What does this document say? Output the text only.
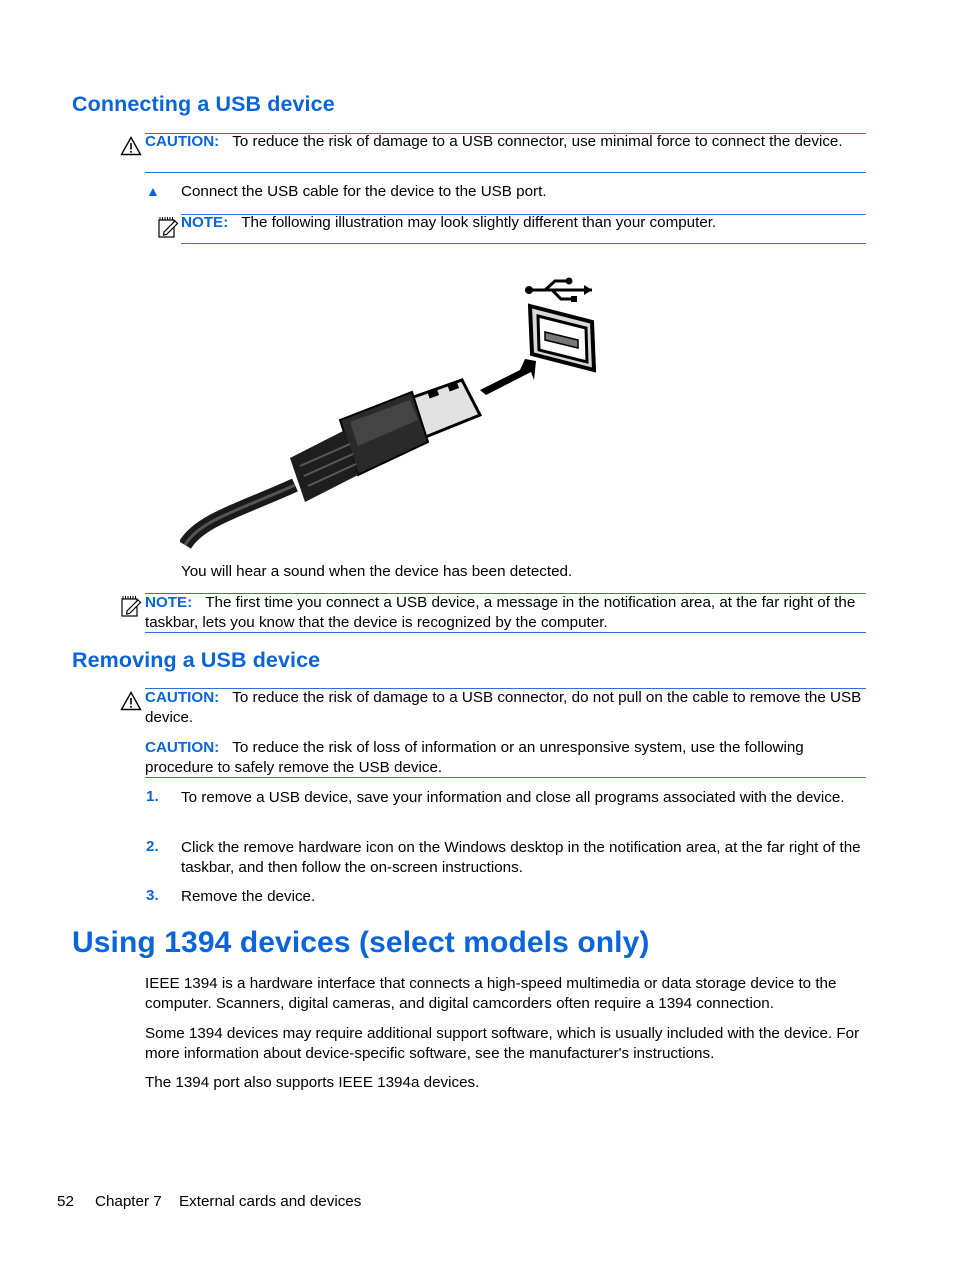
Connecting a USB device
CAUTION: To reduce the risk of damage to a USB connector, use minimal force to connect the device.
▲ Connect the USB cable for the device to the USB port.
NOTE: The following illustration may look slightly different than your computer.
You will hear a sound when the device has been detected.
NOTE: The first time you connect a USB device, a message in the notification area, at the far right of the taskbar, lets you know that the device is recognized by the computer.
Removing a USB device
CAUTION: To reduce the risk of damage to a USB connector, do not pull on the cable to remove the USB device.
CAUTION: To reduce the risk of loss of information or an unresponsive system, use the following procedure to safely remove the USB device.
1. To remove a USB device, save your information and close all programs associated with the device.
2. Click the remove hardware icon on the Windows desktop in the notification area, at the far right of the taskbar, and then follow the on-screen instructions.
3. Remove the device.
Using 1394 devices (select models only)
IEEE 1394 is a hardware interface that connects a high-speed multimedia or data storage device to the computer. Scanners, digital cameras, and digital camcorders often require a 1394 connection.
Some 1394 devices may require additional support software, which is usually included with the device. For more information about device-specific software, see the manufacturer's instructions.
The 1394 port also supports IEEE 1394a devices.
52 Chapter 7 External cards and devices
